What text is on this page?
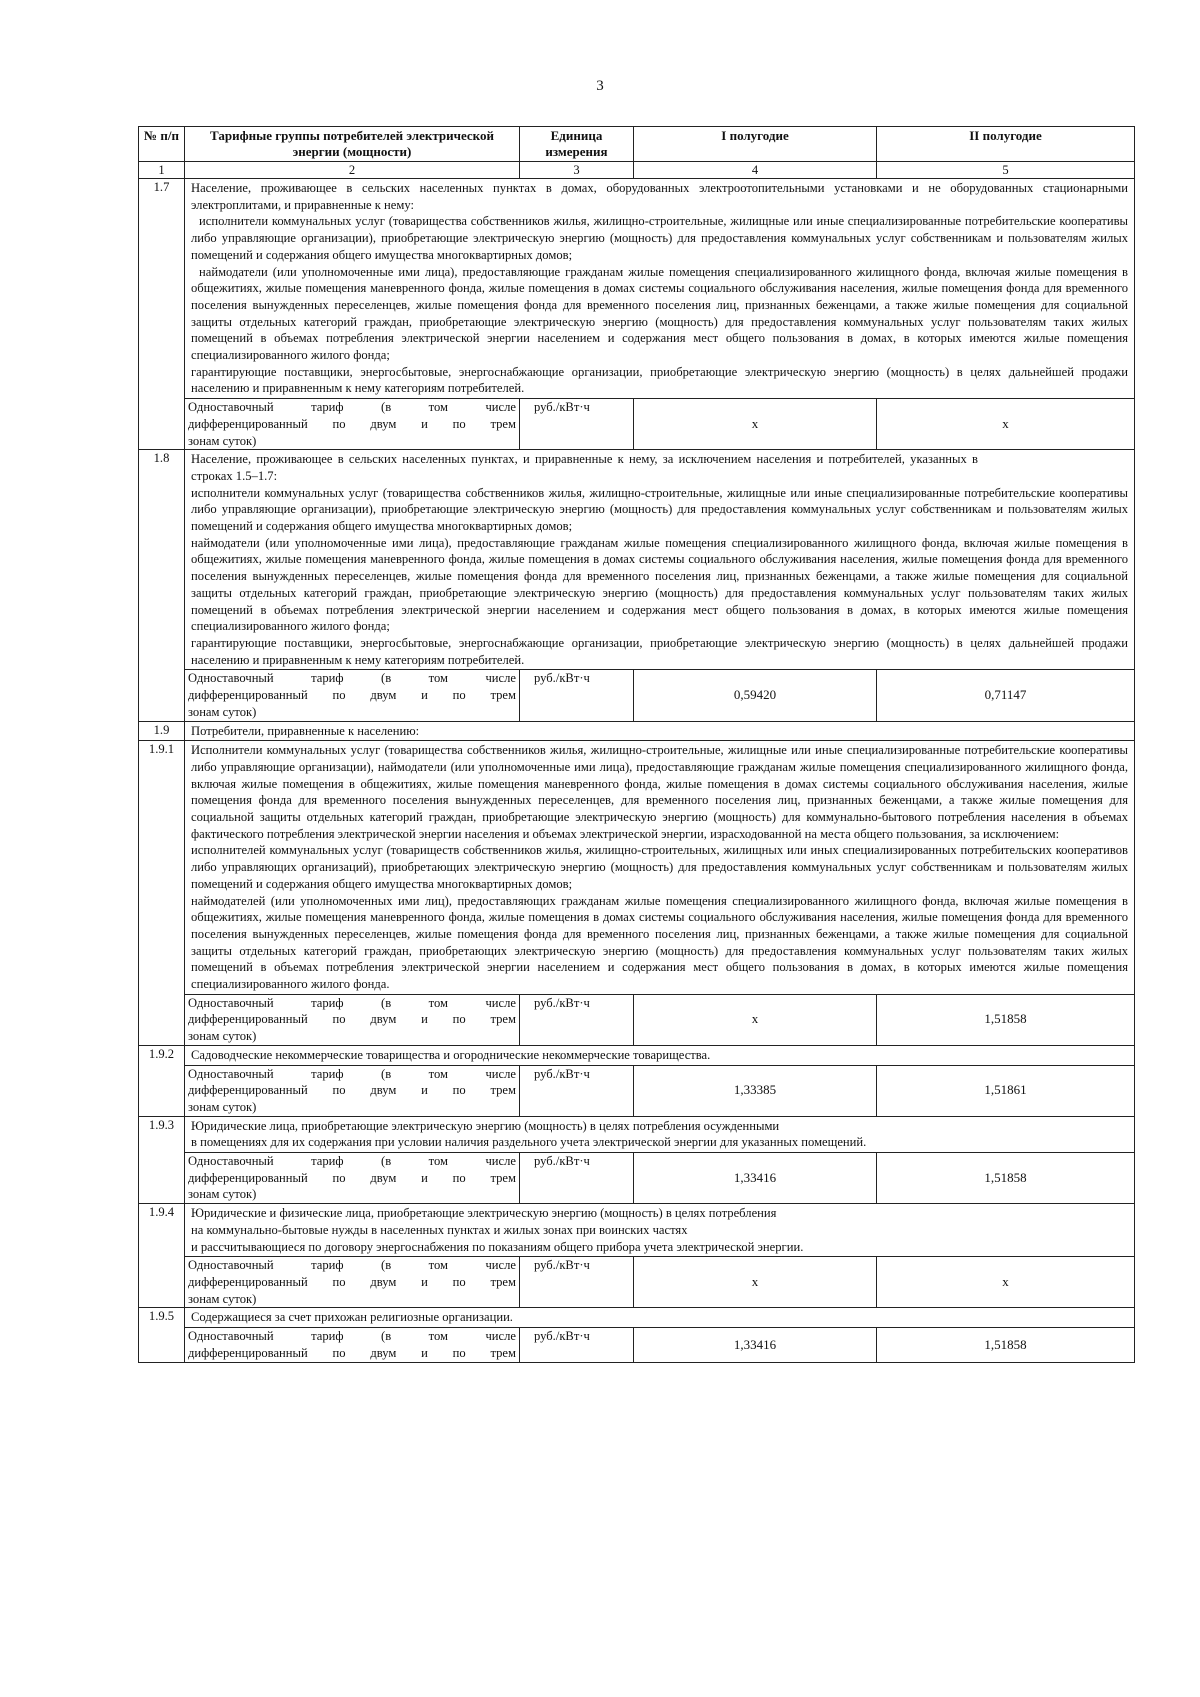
3
№ п/п	Тарифные группы потребителей электрической энергии (мощности)	Единица измерения	I полугодие	II полугодие
1	2	3	4	5
1.7	Население, проживающее в сельских населенных пунктах в домах, оборудованных электроотопительными установками и не оборудованных стационарными электроплитами, и приравненные к нему:

исполнители коммунальных услуг (товарищества собственников жилья, жилищно-строительные, жилищные или иные специализированные потребительские кооперативы либо управляющие организации), приобретающие электрическую энергию (мощность) для предоставления коммунальных услуг собственникам и пользователям жилых помещений и содержания общего имущества многоквартирных домов;

наймодатели (или уполномоченные ими лица), предоставляющие гражданам жилые помещения специализированного жилищного фонда, включая жилые помещения в общежитиях, жилые помещения маневренного фонда, жилые помещения в домах системы социального обслуживания населения, жилые помещения фонда для временного поселения вынужденных переселенцев, жилые помещения фонда для временного поселения лиц, признанных беженцами, а также жилые помещения для социальной защиты отдельных категорий граждан, приобретающие электрическую энергию (мощность) для предоставления коммунальных услуг пользователям таких жилых помещений в объемах потребления электрической энергии населением и содержания мест общего пользования в домах, в которых имеются жилые помещения специализированного жилого фонда;

гарантирующие поставщики, энергосбытовые, энергоснабжающие организации, приобретающие электрическую энергию (мощность) в целях дальнейшей продажи населению и приравненным к нему категориям потребителей.			

	Одноставочный тариф (в том числе
дифференцированный по двум и по трем
зонам суток)	руб./кВт·ч	х	х
1.8	Население, проживающее в сельских населенных пунктах, и приравненные к нему, за исключением населения и потребителей, указанных в строках 1.5–1.7:

исполнители коммунальных услуг (товарищества собственников жилья, жилищно-строительные, жилищные или иные специализированные потребительские кооперативы либо управляющие организации), приобретающие электрическую энергию (мощность) для предоставления коммунальных услуг собственникам и пользователям жилых помещений и содержания общего имущества многоквартирных домов;

наймодатели (или уполномоченные ими лица), предоставляющие гражданам жилые помещения специализированного жилищного фонда, включая жилые помещения в общежитиях, жилые помещения маневренного фонда, жилые помещения в домах системы социального обслуживания населения, жилые помещения фонда для временного поселения вынужденных переселенцев, жилые помещения фонда для временного поселения лиц, признанных беженцами, а также жилые помещения для социальной защиты отдельных категорий граждан, приобретающие электрическую энергию (мощность) для предоставления коммунальных услуг пользователям таких жилых помещений в объемах потребления электрической энергии населением и содержания мест общего пользования в домах, в которых имеются жилые помещения специализированного жилого фонда;

гарантирующие поставщики, энергосбытовые, энергоснабжающие организации, приобретающие электрическую энергию (мощность) в целях дальнейшей продажи населению и приравненным к нему категориям потребителей.			

	Одноставочный тариф (в том числе
дифференцированный по двум и по трем
зонам суток)	руб./кВт·ч	0,59420	0,71147
1.9	Потребители, приравненные к населению:			
1.9.1	Исполнители коммунальных услуг (товарищества собственников жилья, жилищно-строительные, жилищные или иные специализированные потребительские кооперативы либо управляющие организации), наймодатели (или уполномоченные ими лица), предоставляющие гражданам жилые помещения специализированного жилищного фонда, включая жилые помещения в общежитиях, жилые помещения маневренного фонда, жилые помещения в домах системы социального обслуживания населения, жилые помещения фонда для временного поселения вынужденных переселенцев, для временного поселения лиц, признанных беженцами, а также жилые помещения для социальной защиты отдельных категорий граждан, приобретающие электрическую энергию (мощность) для коммунально-бытового потребления населения в объемах фактического потребления электрической энергии населения и объемах электрической энергии, израсходованной на места общего пользования, за исключением:

исполнителей коммунальных услуг (товариществ собственников жилья, жилищно-строительных, жилищных или иных специализированных потребительских кооперативов либо управляющих организаций), приобретающих электрическую энергию (мощность) для предоставления коммунальных услуг собственникам и пользователям жилых помещений и содержания общего имущества многоквартирных домов;

наймодателей (или уполномоченных ими лиц), предоставляющих гражданам жилые помещения специализированного жилищного фонда, включая жилые помещения в общежитиях, жилые помещения маневренного фонда, жилые помещения в домах системы социального обслуживания населения, жилые помещения фонда для временного поселения вынужденных переселенцев, жилые помещения фонда для временного поселения лиц, признанных беженцами, а также жилые помещения для социальной защиты отдельных категорий граждан, приобретающих электрическую энергию (мощность) для предоставления коммунальных услуг пользователям таких жилых помещений в объемах потребления электрической энергии населением и содержания мест общего пользования в домах, в которых имеются жилые помещения специализированного жилого фонда.			

	Одноставочный тариф (в том числе
дифференцированный по двум и по трем
зонам суток)	руб./кВт·ч	х	1,51858
1.9.2	Садоводческие некоммерческие товарищества и огороднические некоммерческие товарищества.			

	Одноставочный тариф (в том числе
дифференцированный по двум и по трем
зонам суток)	руб./кВт·ч	1,33385	1,51861
1.9.3	Юридические лица, приобретающие электрическую энергию (мощность) в целях потребления осужденными

в помещениях для их содержания при условии наличия раздельного учета электрической энергии для указанных помещений.			

	Одноставочный тариф (в том числе
дифференцированный по двум и по трем
зонам суток)	руб./кВт·ч	1,33416	1,51858
1.9.4	Юридические и физические лица, приобретающие электрическую энергию (мощность) в целях потребления

на коммунально-бытовые нужды в населенных пунктах и жилых зонах при воинских частях

и рассчитывающиеся по договору энергоснабжения по показаниям общего прибора учета электрической энергии.			

	Одноставочный тариф (в том числе
дифференцированный по двум и по трем
зонам суток)	руб./кВт·ч	х	х
1.9.5	Содержащиеся за счет прихожан религиозные организации.			

	Одноставочный тариф (в том числе
дифференцированный по двум и по трем	руб./кВт·ч	1,33416	1,51858
